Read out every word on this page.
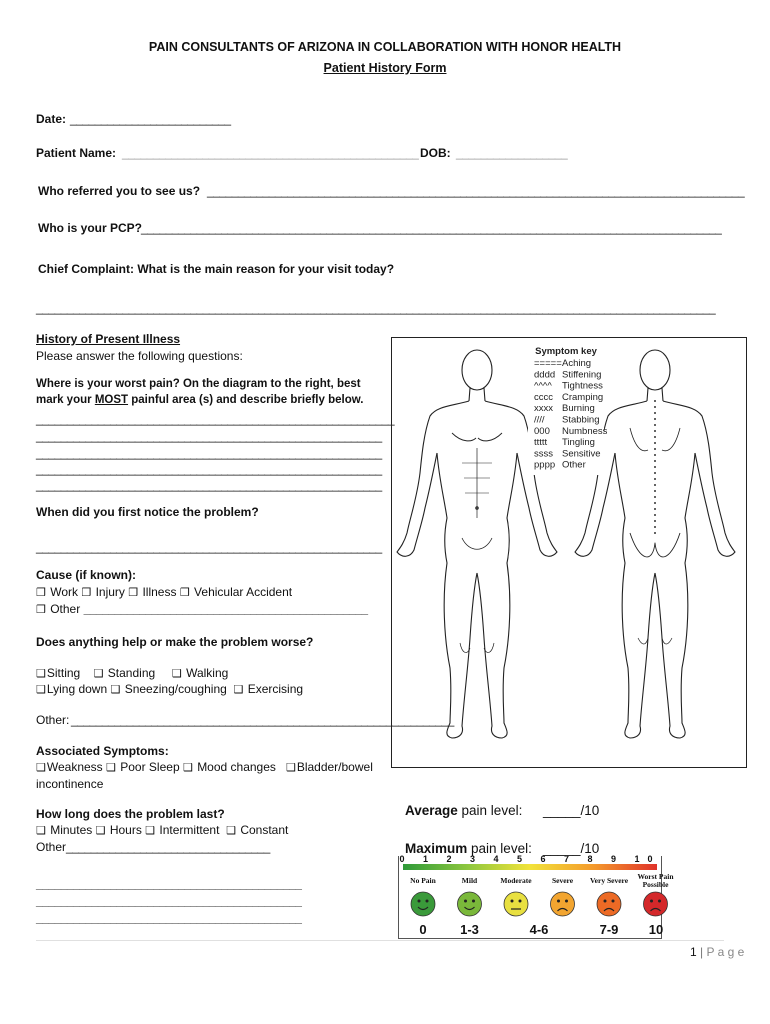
PAIN CONSULTANTS OF ARIZONA IN COLLABORATION WITH HONOR HEALTH
Patient History Form
Date: __________________________
Patient Name: ________________________________________________ DOB: __________________
Who referred you to see us? _______________________________________________________________________________________
Who is your PCP?
______________________________________________________________________________________________
Chief Complaint: What is the main reason for your visit today?
______________________________________________________________________________________________________________
History of Present Illness
Please answer the following questions:
Where is your worst pain? On the diagram to the right, best
mark your MOST painful area (s) and describe briefly below.
__________________________________________________________
________________________________________________________
________________________________________________________
________________________________________________________
________________________________________________________
When did you first notice the problem?
________________________________________________________
Cause (if known):
❒ Work ❒ Injury ❒ Illness ❒ Vehicular Accident
❒ Other ______________________________________________
Does anything help or make the problem worse?
❑Sitting ❑ Standing ❑ Walking
❑Lying down ❑ Sneezing/coughing ❑ Exercising
Other: ______________________________________________________________
Associated Symptoms:
❑Weakness ❑ Poor Sleep ❑ Mood changes ❑Bladder/bowel
incontinence
How long does the problem last?
❑ Minutes ❑ Hours ❑ Intermittent ❑ Constant
Other_________________________________
___________________________________________
___________________________________________
___________________________________________
Symptom key
===== Aching
dddd Stiffening
^^^^ Tightness
cccc Cramping
xxxx Burning
//// Stabbing
000 Numbness
ttttt Tingling
ssss Sensitive
pppp Other
Average pain level: _____/10
Maximum pain level: _____/10
0 1 2 3 4 5 6 7 8 9 10
No Pain	Mild	Moderate	Severe Very Severe Worst Pain
Possible
0	1-3	4-6	7-9 10
1 | P a g e
